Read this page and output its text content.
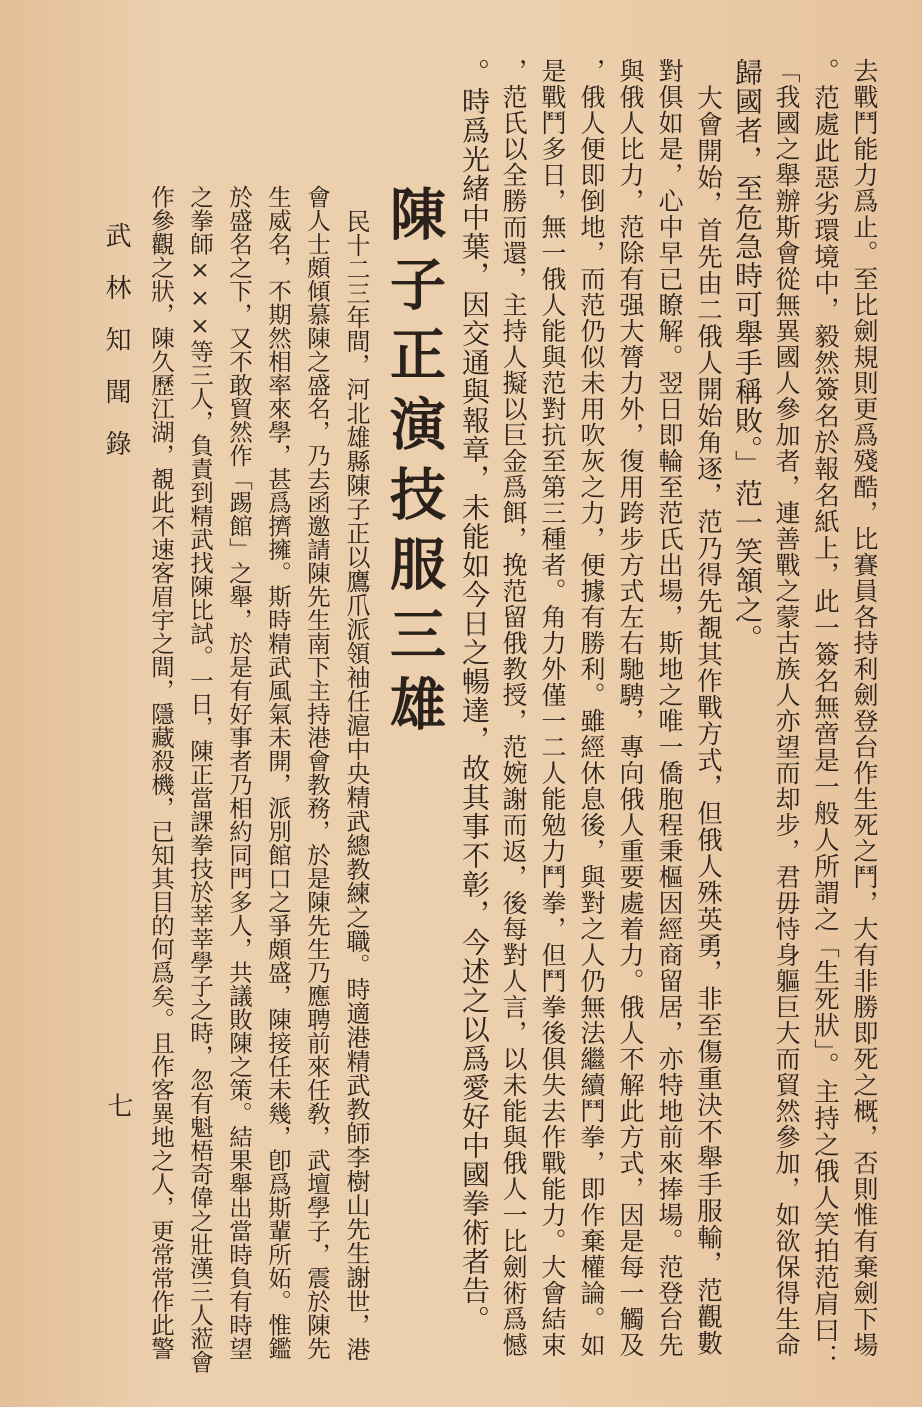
去戰鬥能力爲止。至比劍規則更爲殘酷，比賽員各持利劍登台作生死之鬥，大有非勝即死之概，否則惟有棄劍下場
。范處此惡劣環境中，毅然簽名於報名紙上，此一簽名無啻是一般人所謂之「生死狀」。主持之俄人笑拍范肩曰：
「我國之舉辦斯會從無異國人參加者，連善戰之蒙古族人亦望而却步，君毋恃身軀巨大而貿然參加，如欲保得生命
歸國者，至危急時可舉手稱敗。」范一笑頷之。
　大會開始，首先由二俄人開始角逐，范乃得先覩其作戰方式，但俄人殊英勇，非至傷重決不舉手服輸，范觀數
對俱如是，心中早已瞭解。翌日即輪至范氏出場，斯地之唯一僑胞程秉樞因經商留居，亦特地前來捧場。范登台先
與俄人比力，范除有强大膂力外，復用跨步方式左右馳騁，專向俄人重要處着力。俄人不解此方式，因是每一觸及
，俄人便即倒地，而范仍似未用吹灰之力，便據有勝利。雖經休息後，與對之人仍無法繼續鬥拳，即作棄權論。如
是戰鬥多日，無一俄人能與范對抗至第三種者。角力外僅一二人能勉力鬥拳，但鬥拳後俱失去作戰能力。大會結束
，范氏以全勝而還，主持人擬以巨金爲餌，挽范留俄教授，范婉謝而返，後每對人言，以未能與俄人一比劍術爲憾
。時爲光緒中葉，因交通與報章，未能如今日之暢達，故其事不彰，今述之以爲愛好中國拳術者告。
陳子正演技服三雄
　民十二三年間，河北雄縣陳子正以鷹爪派領袖任滬中央精武總教練之職。時適港精武教師李樹山先生謝世，港
會人士頗傾慕陳之盛名，乃去函邀請陳先生南下主持港會教務，於是陳先生乃應聘前來任敎，武壇學子，震於陳先
生威名，不期然相率來學，甚爲擠擁。斯時精武風氣未開，派別館口之爭頗盛，陳接任未幾，卽爲斯輩所妬。惟鑑
於盛名之下，又不敢貿然作「踢館」之舉，於是有好事者乃相約同門多人，共議敗陳之策。結果舉出當時負有時望
之拳師×××等三人，負責到精武找陳比試。一日，陳正當課拳技於莘莘學子之時，忽有魁梧奇偉之壯漢三人蒞會
作參觀之狀，陳久歷江湖，覩此不速客眉宇之間，隱藏殺機，已知其目的何爲矣。且作客異地之人，更常常作此警
武林知聞錄
七
